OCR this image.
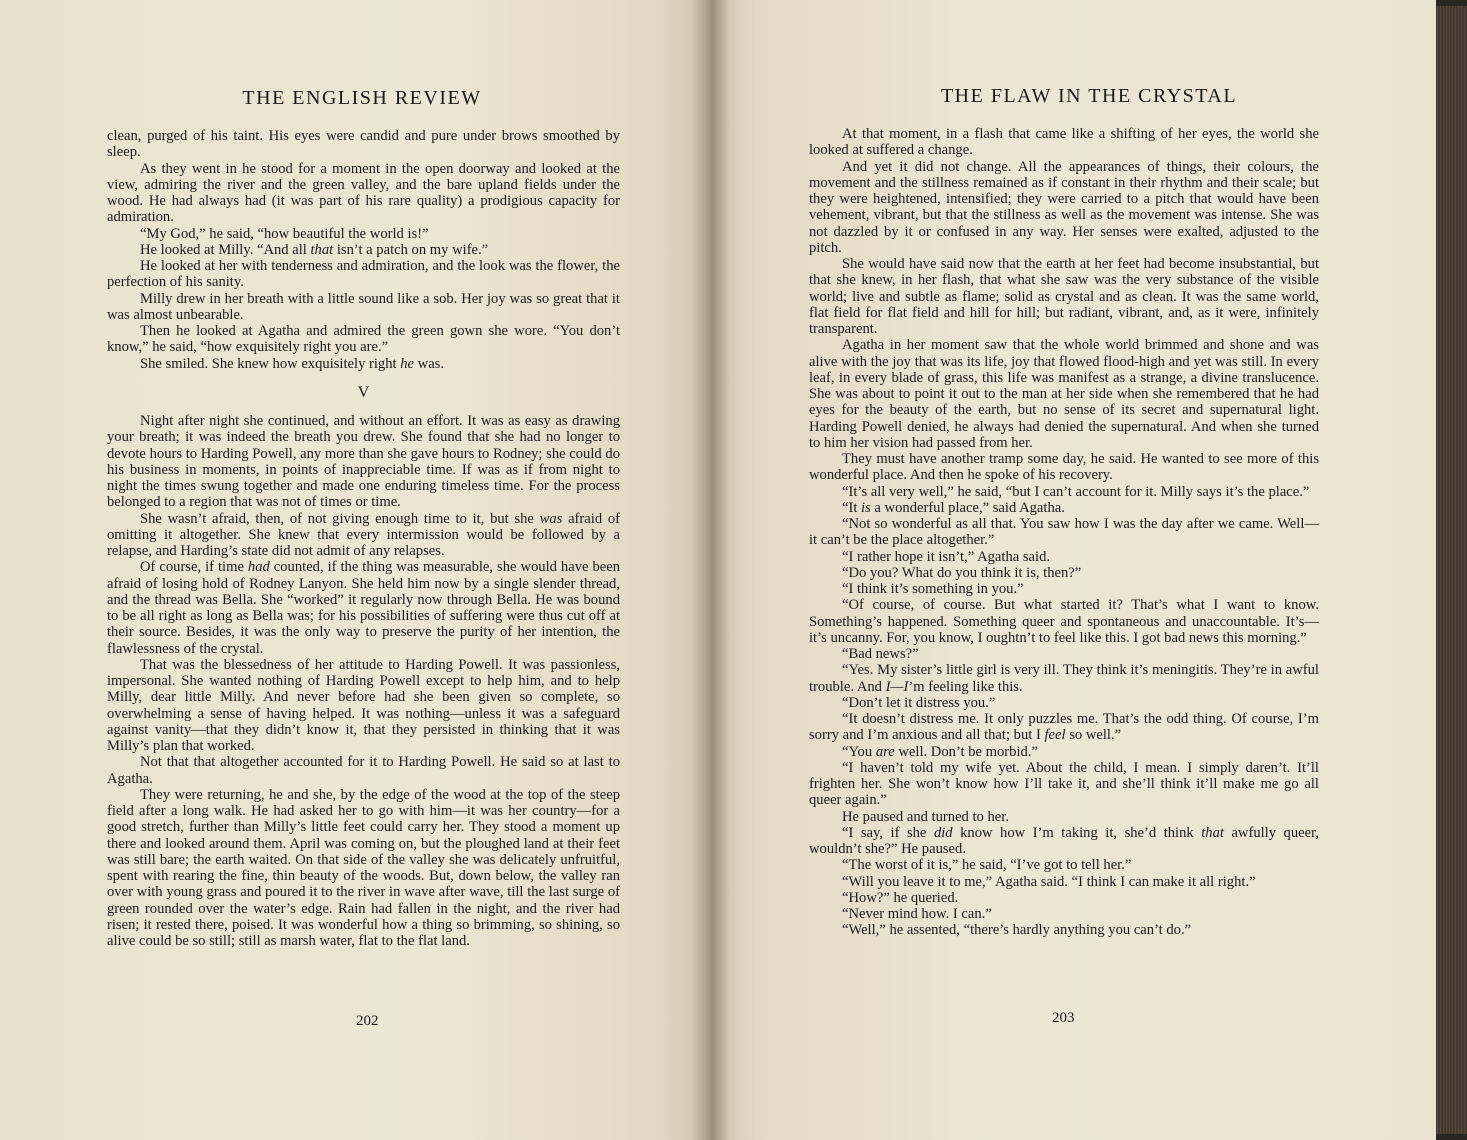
THE ENGLISH REVIEW

clean, purged of his taint. His eyes were candid and pure under brows smoothed by sleep.

As they went in he stood for a moment in the open doorway and looked at the view, admiring the river and the green valley, and the bare upland fields under the wood. He had always had (it was part of his rare quality) a prodigious capacity for admiration.

“My God,” he said, “how beautiful the world is!”

He looked at Milly. “And all that isn’t a patch on my wife.”

He looked at her with tenderness and admiration, and the look was the flower, the perfection of his sanity.

Milly drew in her breath with a little sound like a sob. Her joy was so great that it was almost unbearable.

Then he looked at Agatha and admired the green gown she wore. “You don’t know,” he said, “how exquisitely right you are.”

She smiled. She knew how exquisitely right he was.

V

Night after night she continued, and without an effort. It was as easy as drawing your breath; it was indeed the breath you drew. She found that she had no longer to devote hours to Harding Powell, any more than she gave hours to Rodney; she could do his business in moments, in points of inappreciable time. If was as if from night to night the times swung together and made one enduring timeless time. For the process belonged to a region that was not of times or time.

She wasn’t afraid, then, of not giving enough time to it, but she was afraid of omitting it altogether. She knew that every intermission would be followed by a relapse, and Harding’s state did not admit of any relapses.

Of course, if time had counted, if the thing was measurable, she would have been afraid of losing hold of Rodney Lanyon. She held him now by a single slender thread, and the thread was Bella. She “worked” it regularly now through Bella. He was bound to be all right as long as Bella was; for his possibilities of suffering were thus cut off at their source. Besides, it was the only way to preserve the purity of her intention, the flawlessness of the crystal.

That was the blessedness of her attitude to Harding Powell. It was passionless, impersonal. She wanted nothing of Harding Powell except to help him, and to help Milly, dear little Milly. And never before had she been given so complete, so overwhelming a sense of having helped. It was nothing—unless it was a safeguard against vanity—that they didn’t know it, that they persisted in thinking that it was Milly’s plan that worked.

Not that that altogether accounted for it to Harding Powell. He said so at last to Agatha.

They were returning, he and she, by the edge of the wood at the top of the steep field after a long walk. He had asked her to go with him—it was her country—for a good stretch, further than Milly’s little feet could carry her. They stood a moment up there and looked around them. April was coming on, but the ploughed land at their feet was still bare; the earth waited. On that side of the valley she was delicately unfruitful, spent with rearing the fine, thin beauty of the woods. But, down below, the valley ran over with young grass and poured it to the river in wave after wave, till the last surge of green rounded over the water’s edge. Rain had fallen in the night, and the river had risen; it rested there, poised. It was wonderful how a thing so brimming, so shining, so alive could be so still; still as marsh water, flat to the flat land.

202
THE FLAW IN THE CRYSTAL

At that moment, in a flash that came like a shifting of her eyes, the world she looked at suffered a change.

And yet it did not change. All the appearances of things, their colours, the movement and the stillness remained as if constant in their rhythm and their scale; but they were heightened, intensified; they were carried to a pitch that would have been vehement, vibrant, but that the stillness as well as the movement was intense. She was not dazzled by it or confused in any way. Her senses were exalted, adjusted to the pitch.

She would have said now that the earth at her feet had become insubstantial, but that she knew, in her flash, that what she saw was the very substance of the visible world; live and subtle as flame; solid as crystal and as clean. It was the same world, flat field for flat field and hill for hill; but radiant, vibrant, and, as it were, infinitely transparent.

Agatha in her moment saw that the whole world brimmed and shone and was alive with the joy that was its life, joy that flowed flood-high and yet was still. In every leaf, in every blade of grass, this life was manifest as a strange, a divine translucence. She was about to point it out to the man at her side when she remembered that he had eyes for the beauty of the earth, but no sense of its secret and supernatural light. Harding Powell denied, he always had denied the supernatural. And when she turned to him her vision had passed from her.

They must have another tramp some day, he said. He wanted to see more of this wonderful place. And then he spoke of his recovery.

“It’s all very well,” he said, “but I can’t account for it. Milly says it’s the place.”

“It is a wonderful place,” said Agatha.

“Not so wonderful as all that. You saw how I was the day after we came. Well—it can’t be the place altogether.”

“I rather hope it isn’t,” Agatha said.

“Do you? What do you think it is, then?”

“I think it’s something in you.”

“Of course, of course. But what started it? That’s what I want to know. Something’s happened. Something queer and spontaneous and unaccountable. It’s—it’s uncanny. For, you know, I oughtn’t to feel like this. I got bad news this morning.”

“Bad news?”

“Yes. My sister’s little girl is very ill. They think it’s meningitis. They’re in awful trouble. And I—I’m feeling like this.

“Don’t let it distress you.”

“It doesn’t distress me. It only puzzles me. That’s the odd thing. Of course, I’m sorry and I’m anxious and all that; but I feel so well.”

“You are well. Don’t be morbid.”

“I haven’t told my wife yet. About the child, I mean. I simply daren’t. It’ll frighten her. She won’t know how I’ll take it, and she’ll think it’ll make me go all queer again.”

He paused and turned to her.

“I say, if she did know how I’m taking it, she’d think that awfully queer, wouldn’t she?” He paused.

“The worst of it is,” he said, “I’ve got to tell her.”

“Will you leave it to me,” Agatha said. “I think I can make it all right.”

“How?” he queried.

“Never mind how. I can.”

“Well,” he assented, “there’s hardly anything you can’t do.”

203
